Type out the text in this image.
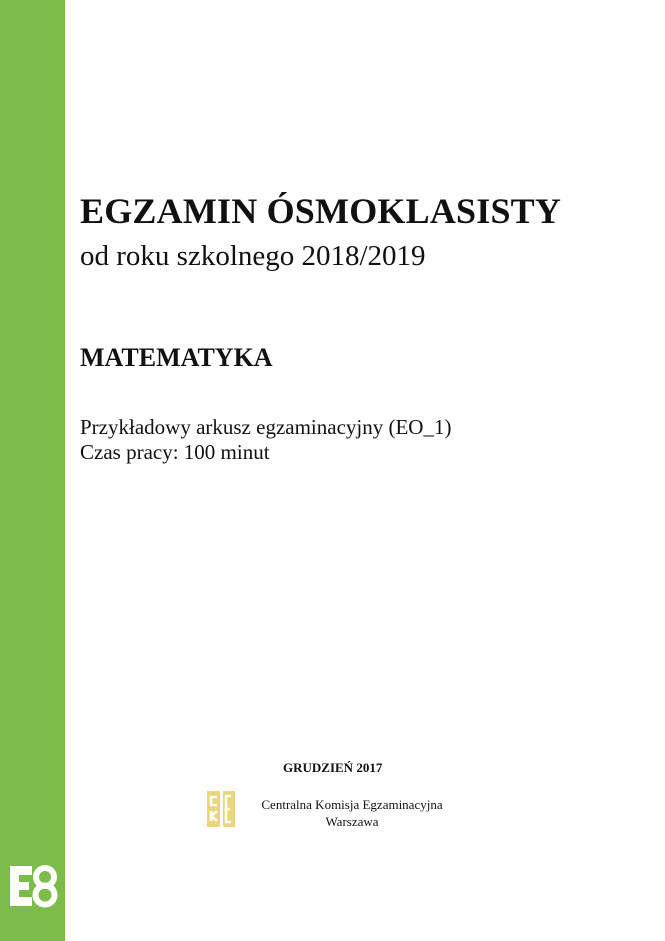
EGZAMIN ÓSMOKLASISTY
od roku szkolnego 2018/2019
MATEMATYKA
Przykładowy arkusz egzaminacyjny (EO_1)
Czas pracy: 100 minut
GRUDZIEŃ 2017
Centralna Komisja Egzaminacyjna
Warszawa
